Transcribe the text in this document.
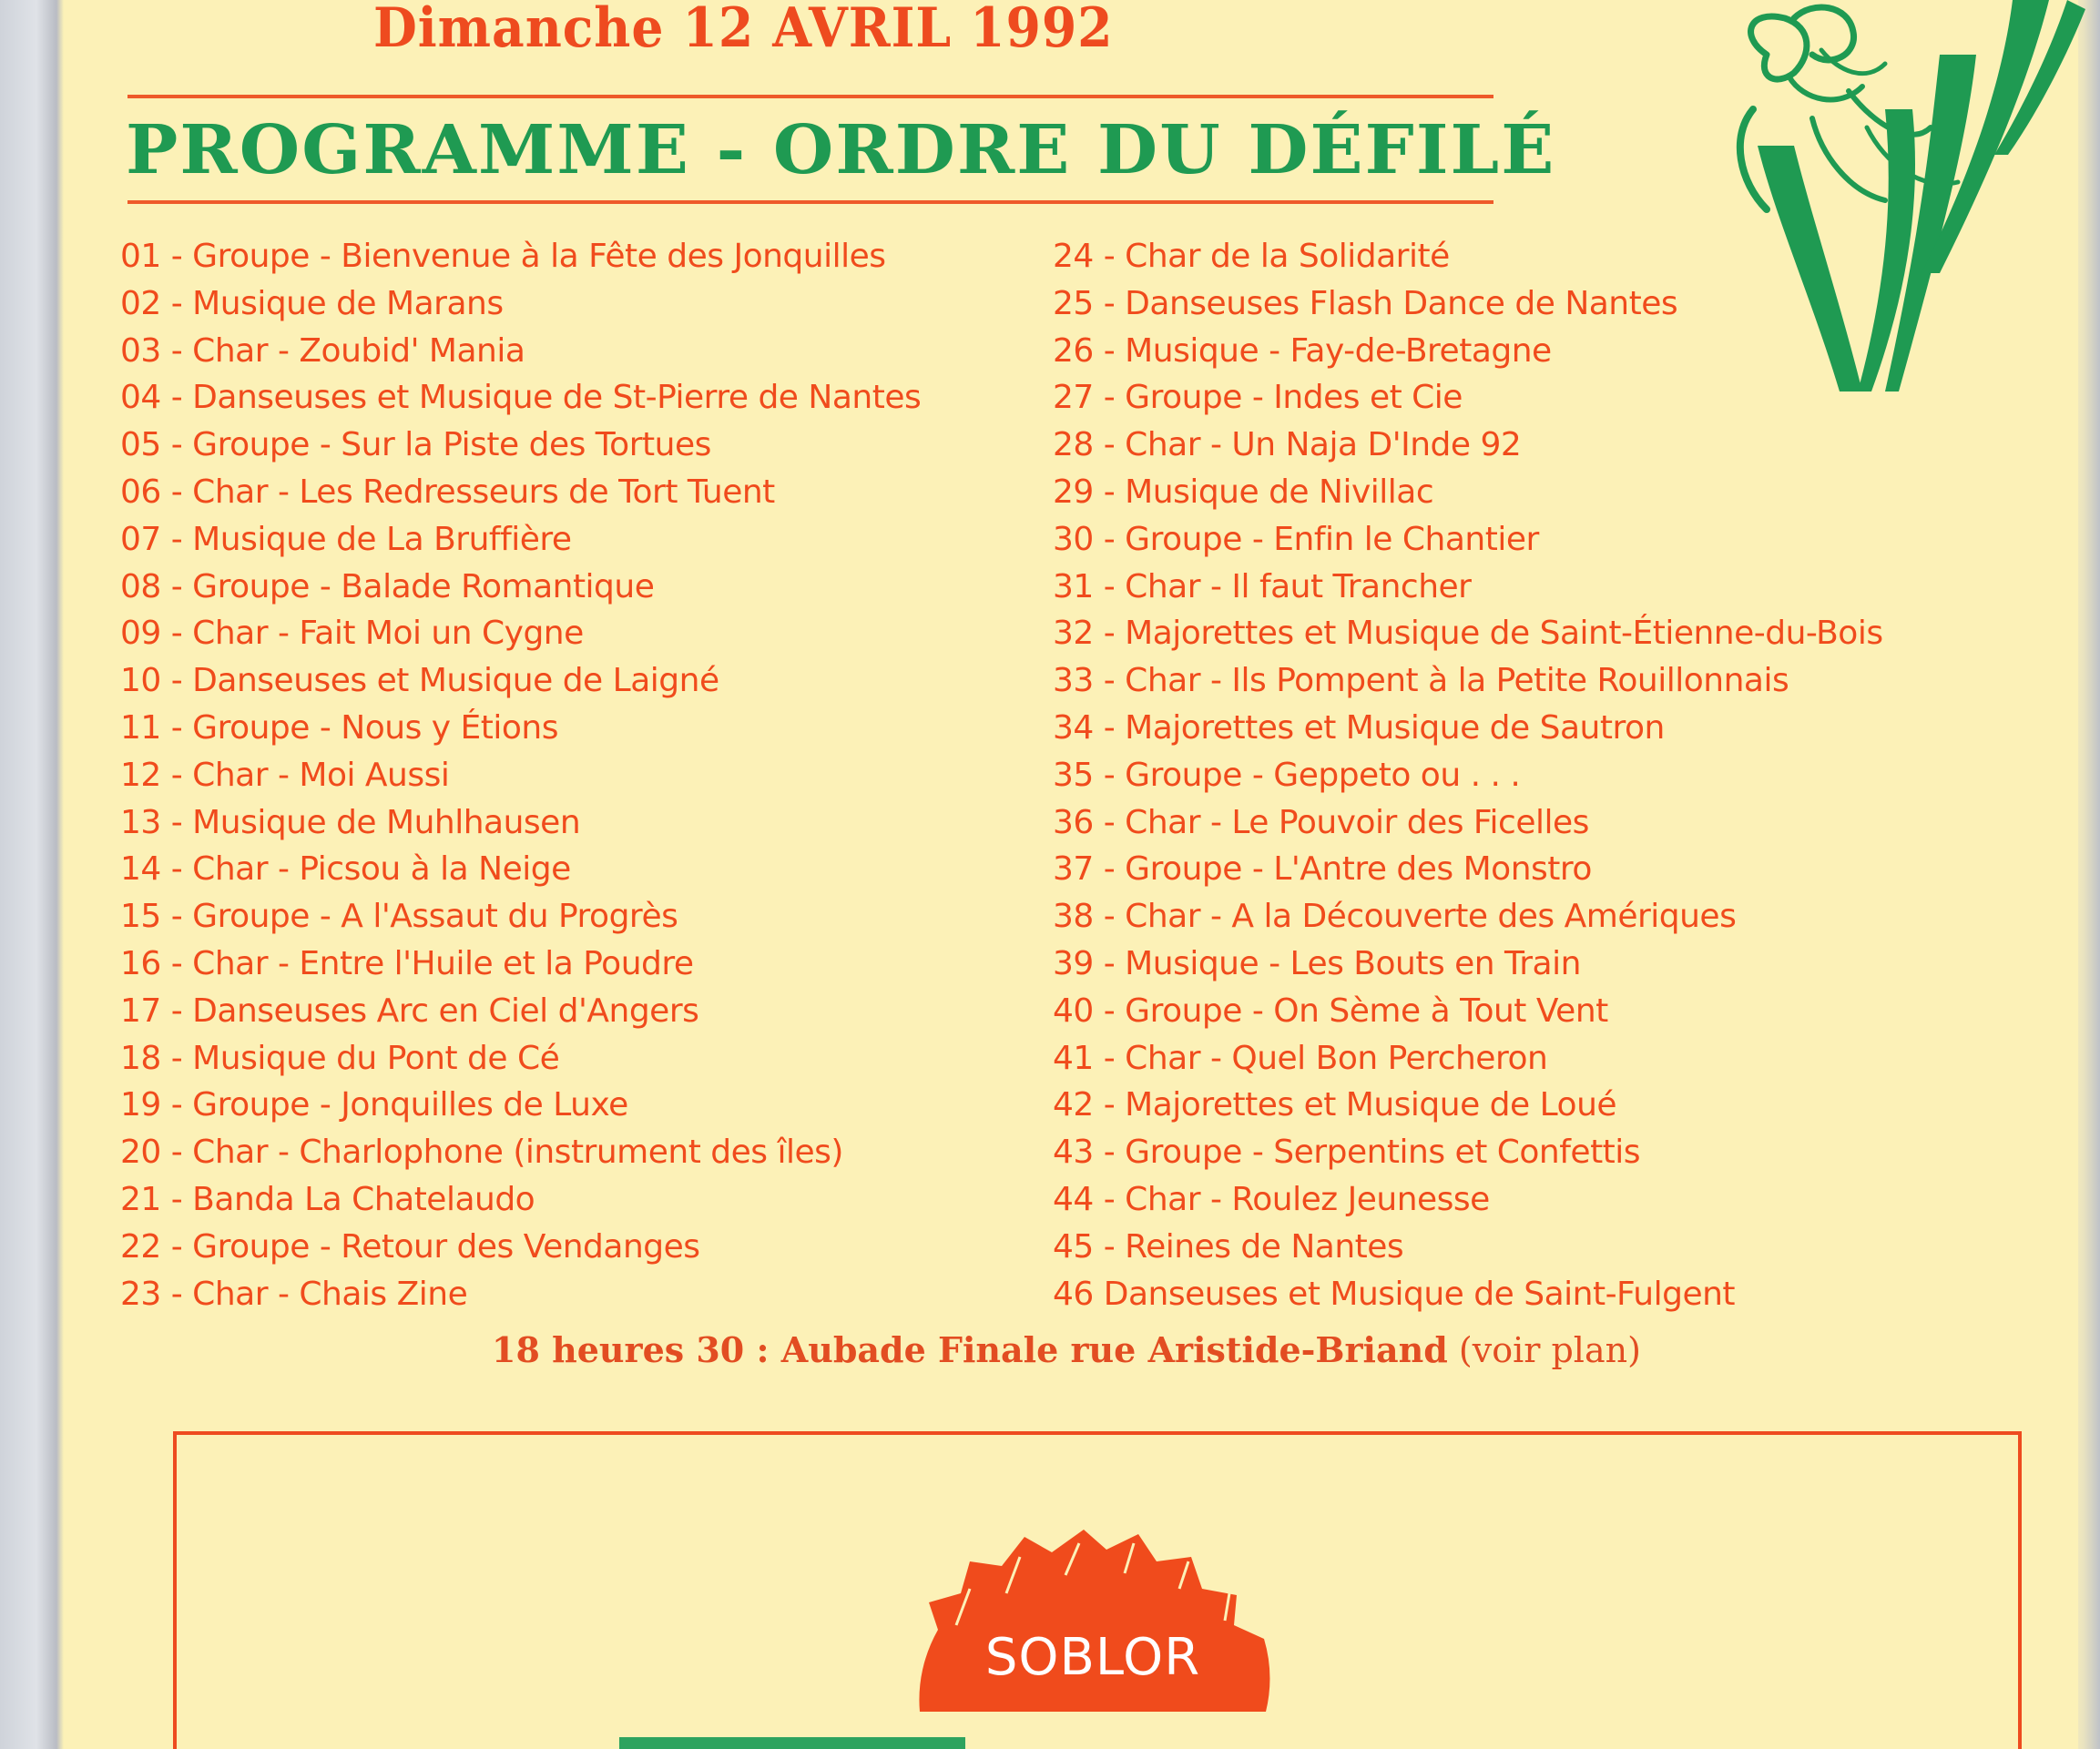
Dimanche 12 AVRIL 1992
PROGRAMME - ORDRE DU DÉFILÉ
01 - Groupe - Bienvenue à la Fête des Jonquilles
02 - Musique de Marans
03 - Char - Zoubid' Mania
04 - Danseuses et Musique de St-Pierre de Nantes
05 - Groupe - Sur la Piste des Tortues
06 - Char - Les Redresseurs de Tort Tuent
07 - Musique de La Bruffière
08 - Groupe - Balade Romantique
09 - Char - Fait Moi un Cygne
10 - Danseuses et Musique de Laigné
11 - Groupe - Nous y Étions
12 - Char - Moi Aussi
13 - Musique de Muhlhausen
14 - Char - Picsou à la Neige
15 - Groupe - A l'Assaut du Progrès
16 - Char - Entre l'Huile et la Poudre
17 - Danseuses Arc en Ciel d'Angers
18 - Musique du Pont de Cé
19 - Groupe - Jonquilles de Luxe
20 - Char - Charlophone (instrument des îles)
21 - Banda La Chatelaudo
22 - Groupe - Retour des Vendanges
23 - Char - Chais Zine
24 - Char de la Solidarité
25 - Danseuses Flash Dance de Nantes
26 - Musique - Fay-de-Bretagne
27 - Groupe - Indes et Cie
28 - Char - Un Naja D'Inde 92
29 - Musique de Nivillac
30 - Groupe - Enfin le Chantier
31 - Char - Il faut Trancher
32 - Majorettes et Musique de Saint-Étienne-du-Bois
33 - Char - Ils Pompent à la Petite Rouillonnais
34 - Majorettes et Musique de Sautron
35 - Groupe - Geppeto ou . . .
36 - Char - Le Pouvoir des Ficelles
37 - Groupe - L'Antre des Monstro
38 - Char - A la Découverte des Amériques
39 - Musique - Les Bouts en Train
40 - Groupe - On Sème à Tout Vent
41 - Char - Quel Bon Percheron
42 - Majorettes et Musique de Loué
43 - Groupe - Serpentins et Confettis
44 - Char - Roulez Jeunesse
45 - Reines de Nantes
46 Danseuses et Musique de Saint-Fulgent
18 heures 30 : Aubade Finale rue Aristide-Briand (voir plan)
SOBLOR
